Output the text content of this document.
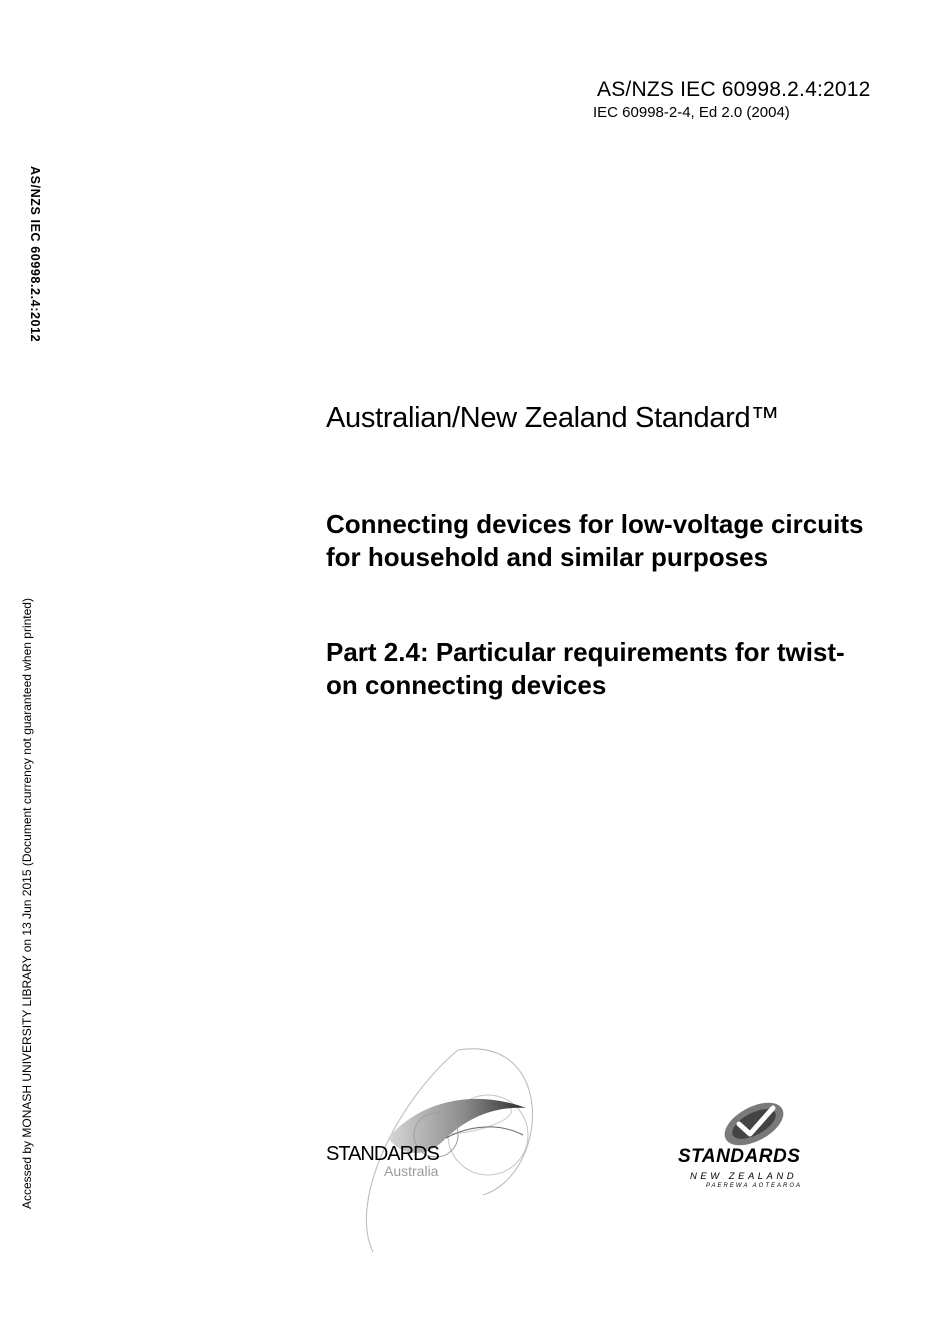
AS/NZS IEC 60998.2.4:2012
IEC 60998-2-4, Ed 2.0 (2004)
AS/NZS IEC 60998.2.4:2012
Accessed by MONASH UNIVERSITY LIBRARY on 13 Jun 2015 (Document currency not guaranteed when printed)
Australian/New Zealand Standard™
Connecting devices for low-voltage circuits for household and similar purposes
Part 2.4: Particular requirements for twist-on connecting devices
STANDARDS
Australia
STANDARDS
NEW ZEALAND
PAEREWA AOTEAROA
